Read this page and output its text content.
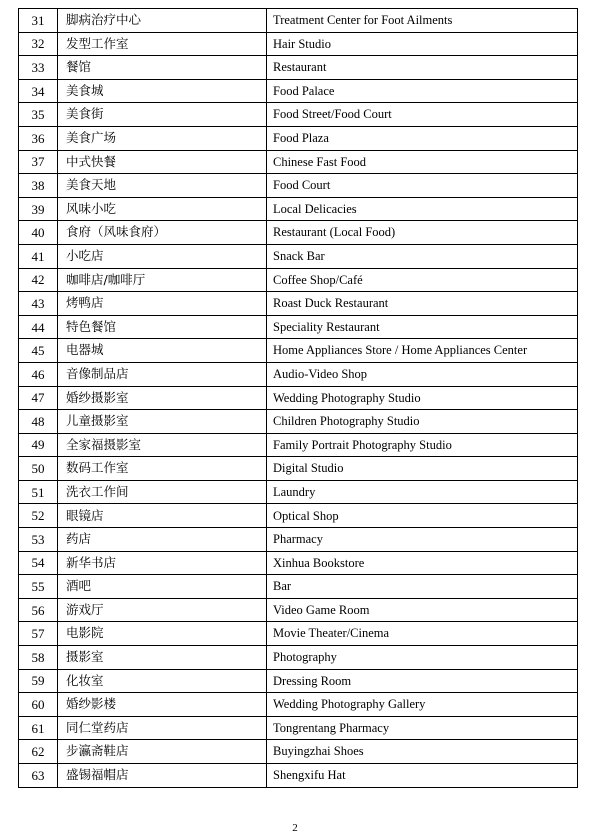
31	脚病治疗中心	Treatment Center for Foot Ailments
32	发型工作室	Hair Studio
33	餐馆	Restaurant
34	美食城	Food Palace
35	美食街	Food Street/Food Court
36	美食广场	Food Plaza
37	中式快餐	Chinese Fast Food
38	美食天地	Food Court
39	风味小吃	Local Delicacies
40	食府（风味食府）	Restaurant (Local Food)
41	小吃店	Snack Bar
42	咖啡店/咖啡厅	Coffee Shop/Café
43	烤鸭店	Roast Duck Restaurant
44	特色餐馆	Speciality Restaurant
45	电器城	Home Appliances Store / Home Appliances Center
46	音像制品店	Audio-Video Shop
47	婚纱摄影室	Wedding Photography Studio
48	儿童摄影室	Children Photography Studio
49	全家福摄影室	Family Portrait Photography Studio
50	数码工作室	Digital Studio
51	洗衣工作间	Laundry
52	眼镜店	Optical Shop
53	药店	Pharmacy
54	新华书店	Xinhua Bookstore
55	酒吧	Bar
56	游戏厅	Video Game Room
57	电影院	Movie Theater/Cinema
58	摄影室	Photography
59	化妆室	Dressing Room
60	婚纱影楼	Wedding Photography Gallery
61	同仁堂药店	Tongrentang Pharmacy
62	步瀛斋鞋店	Buyingzhai Shoes
63	盛锡福帽店	Shengxifu Hat
2
